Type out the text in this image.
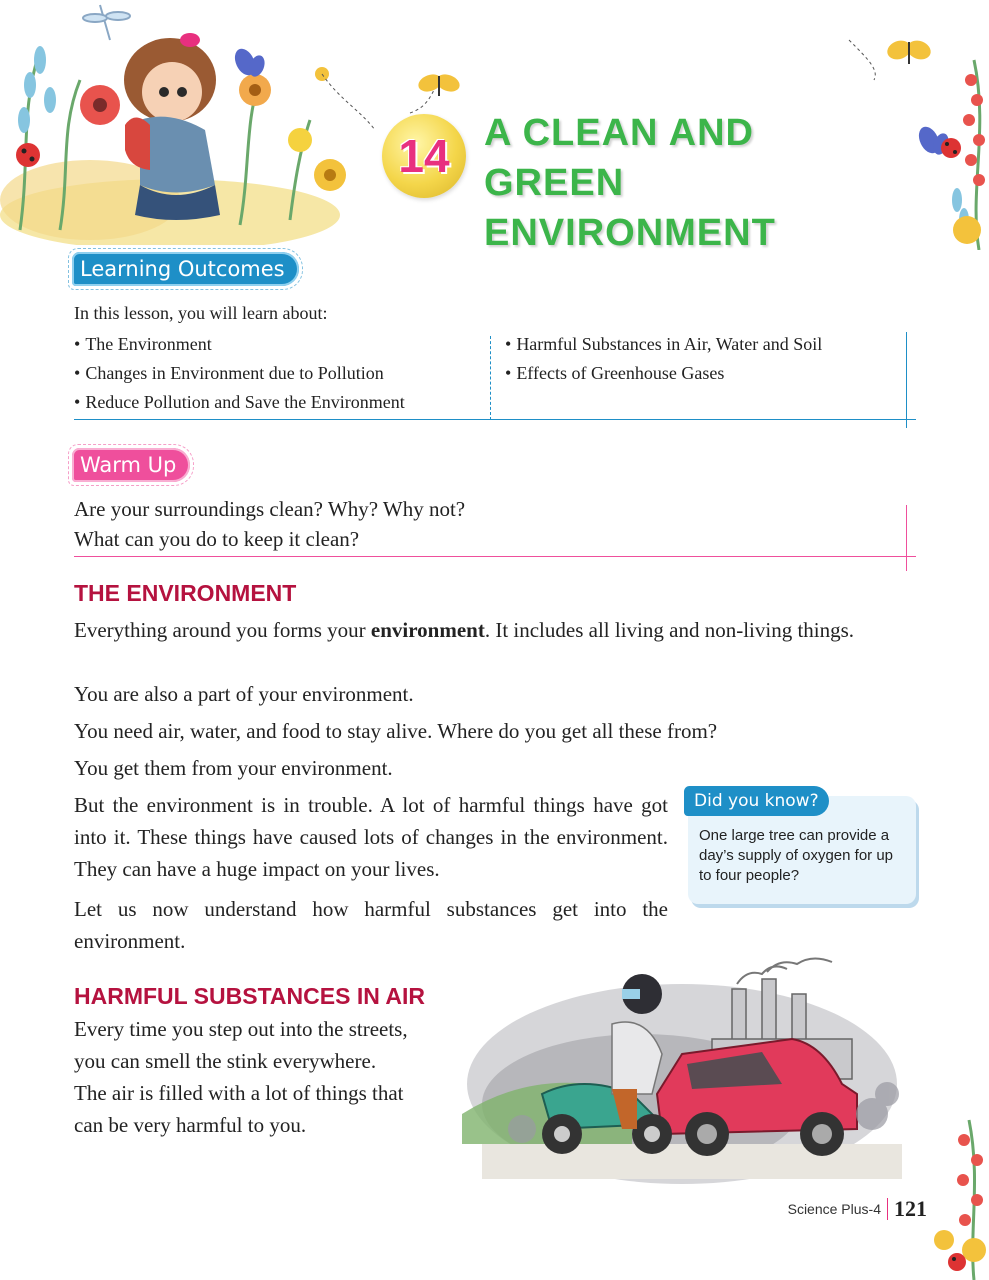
14 A CLEAN AND
GREEN
ENVIRONMENT
Learning Outcomes
In this lesson, you will learn about:
• The Environment
• Changes in Environment due to Pollution
• Reduce Pollution and Save the Environment
• Harmful Substances in Air, Water and Soil
• Effects of Greenhouse Gases
Warm Up
Are your surroundings clean? Why? Why not?
What can you do to keep it clean?
THE ENVIRONMENT

Everything around you forms your environment. It includes all living and non-living things.

You are also a part of your environment.

You need air, water, and food to stay alive. Where do you get all these from?

You get them from your environment.

But the environment is in trouble. A lot of harmful things have got into it. These things have caused lots of changes in the environment. They can have a huge impact on your lives.

Let us now understand how harmful substances get into the environment.

Did you know?
One large tree can provide a day’s supply of oxygen for up to four people?
HARMFUL SUBSTANCES IN AIR
Every time you step out into the streets,
you can smell the stink everywhere.
The air is filled with a lot of things that
can be very harmful to you.
Science Plus-4 121
